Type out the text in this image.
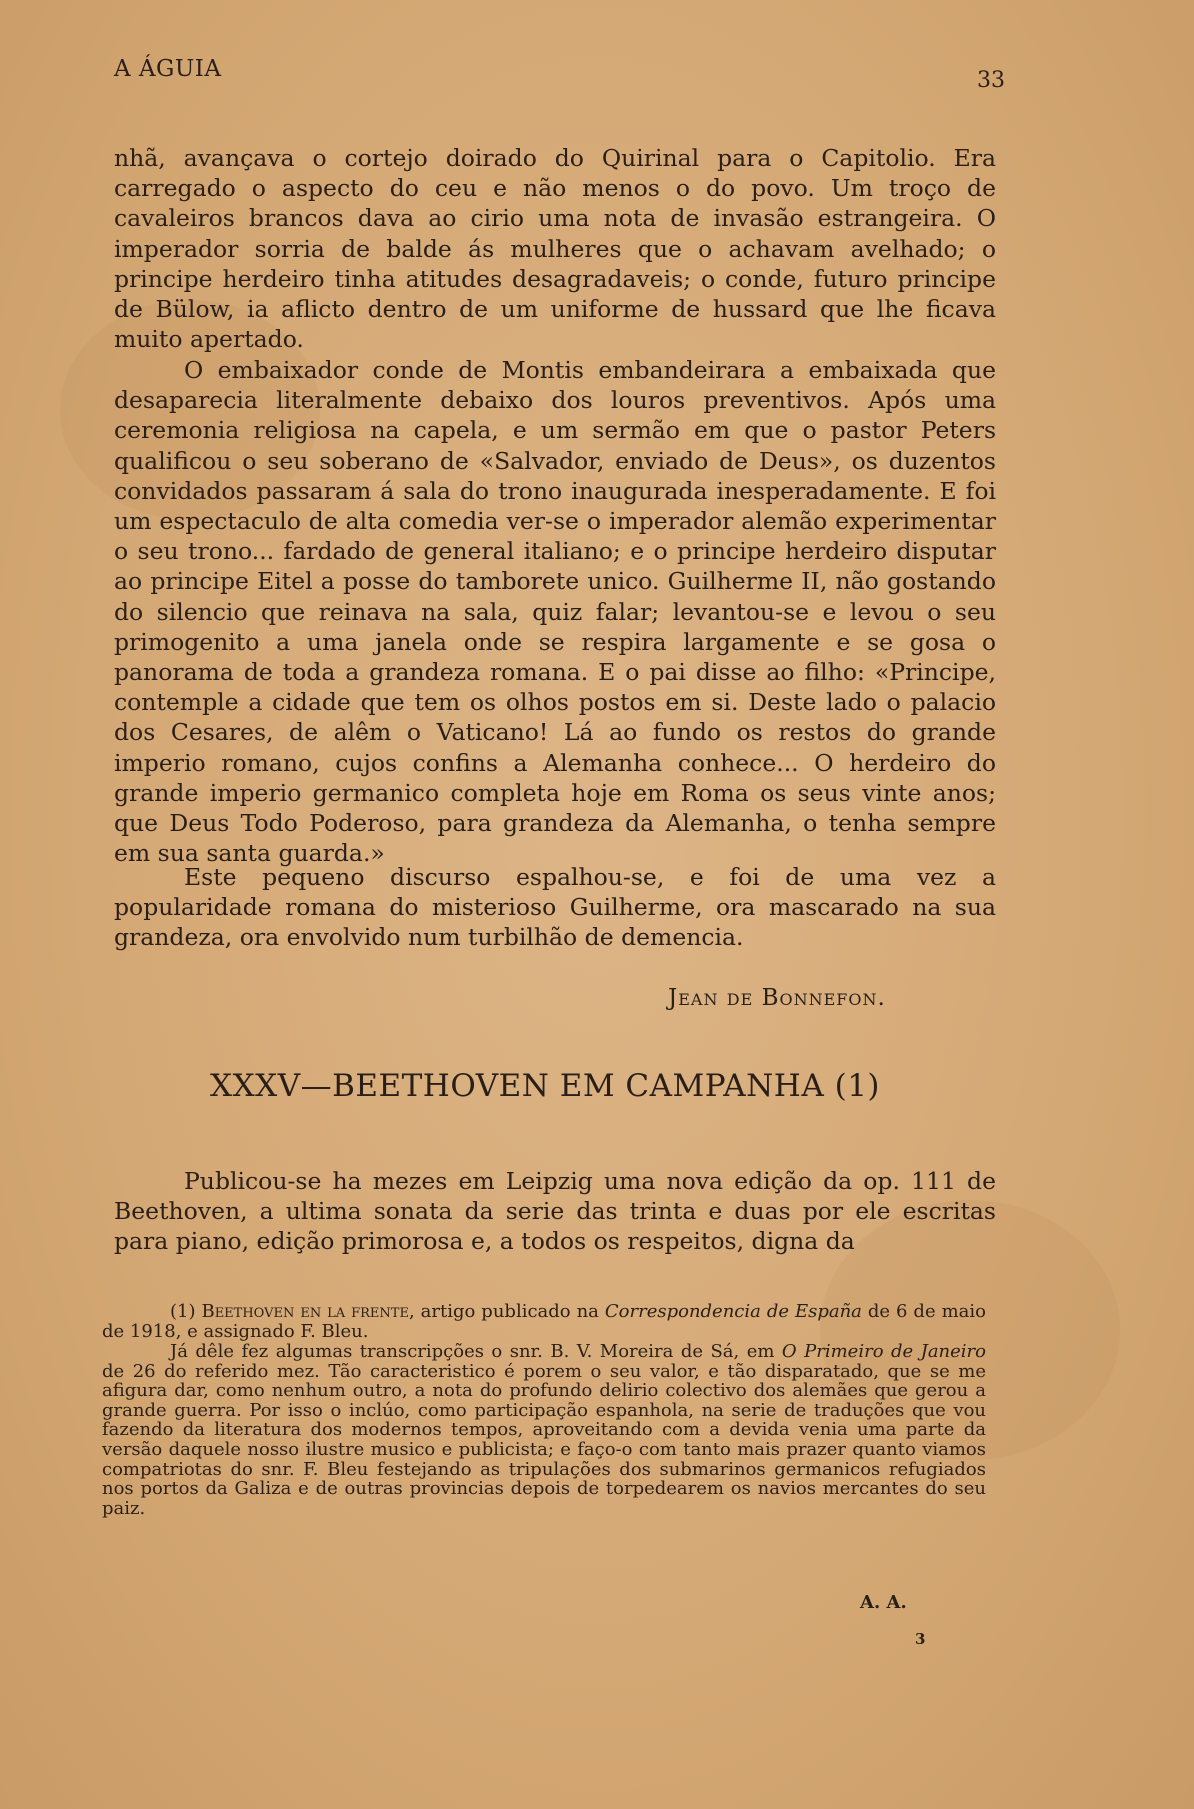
A ÁGUIA	33

nhã, avançava o cortejo doirado do Quirinal para o Capitolio. Era carregado o aspecto do ceu e não menos o do povo. Um troço de cavaleiros brancos dava ao cirio uma nota de invasão estrangeira. O imperador sorria de balde ás mulheres que o achavam avelhado; o principe herdeiro tinha atitudes desagradaveis; o conde, futuro principe de Bülow, ia aflicto dentro de um uniforme de hussard que lhe ficava muito apertado.

O embaixador conde de Montis embandeirara a embaixada que desaparecia literalmente debaixo dos louros preventivos. Após uma ceremonia religiosa na capela, e um sermão em que o pastor Peters qualificou o seu soberano de «Salvador, enviado de Deus», os duzentos convidados passaram á sala do trono inaugurada inesperadamente. E foi um espectaculo de alta comedia ver-se o imperador alemão experimentar o seu trono... fardado de general italiano; e o principe herdeiro disputar ao principe Eitel a posse do tamborete unico. Guilherme II, não gostando do silencio que reinava na sala, quiz falar; levantou-se e levou o seu primogenito a uma janela onde se respira largamente e se gosa o panorama de toda a grandeza romana. E o pai disse ao filho: «Principe, contemple a cidade que tem os olhos postos em si. Deste lado o palacio dos Cesares, de alêm o Vaticano! Lá ao fundo os restos do grande imperio romano, cujos confins a Alemanha conhece... O herdeiro do grande imperio germanico completa hoje em Roma os seus vinte anos; que Deus Todo Poderoso, para grandeza da Alemanha, o tenha sempre em sua santa guarda.»

Este pequeno discurso espalhou-se, e foi de uma vez a popularidade romana do misterioso Guilherme, ora mascarado na sua grandeza, ora envolvido num turbilhão de demencia.

Jean de Bonnefon.
XXXV—BEETHOVEN EM CAMPANHA (1)

Publicou-se ha mezes em Leipzig uma nova edição da op. 111 de Beethoven, a ultima sonata da serie das trinta e duas por ele escritas para piano, edição primorosa e, a todos os respeitos, digna da

(1) Beethoven en la frente, artigo publicado na Correspondencia de España de 6 de maio de 1918, e assignado F. Bleu.

Já dêle fez algumas transcripções o snr. B. V. Moreira de Sá, em O Primeiro de Janeiro de 26 do referido mez. Tão caracteristico é porem o seu valor, e tão disparatado, que se me afigura dar, como nenhum outro, a nota do profundo delirio colectivo dos alemães que gerou a grande guerra. Por isso o inclúo, como participação espanhola, na serie de traduções que vou fazendo da literatura dos modernos tempos, aproveitando com a devida venia uma parte da versão daquele nosso ilustre musico e publicista; e faço-o com tanto mais prazer quanto viamos compatriotas do snr. F. Bleu festejando as tripulações dos submarinos germanicos refugiados nos portos da Galiza e de outras provincias depois de torpedearem os navios mercantes do seu paiz.

A. A.
3
